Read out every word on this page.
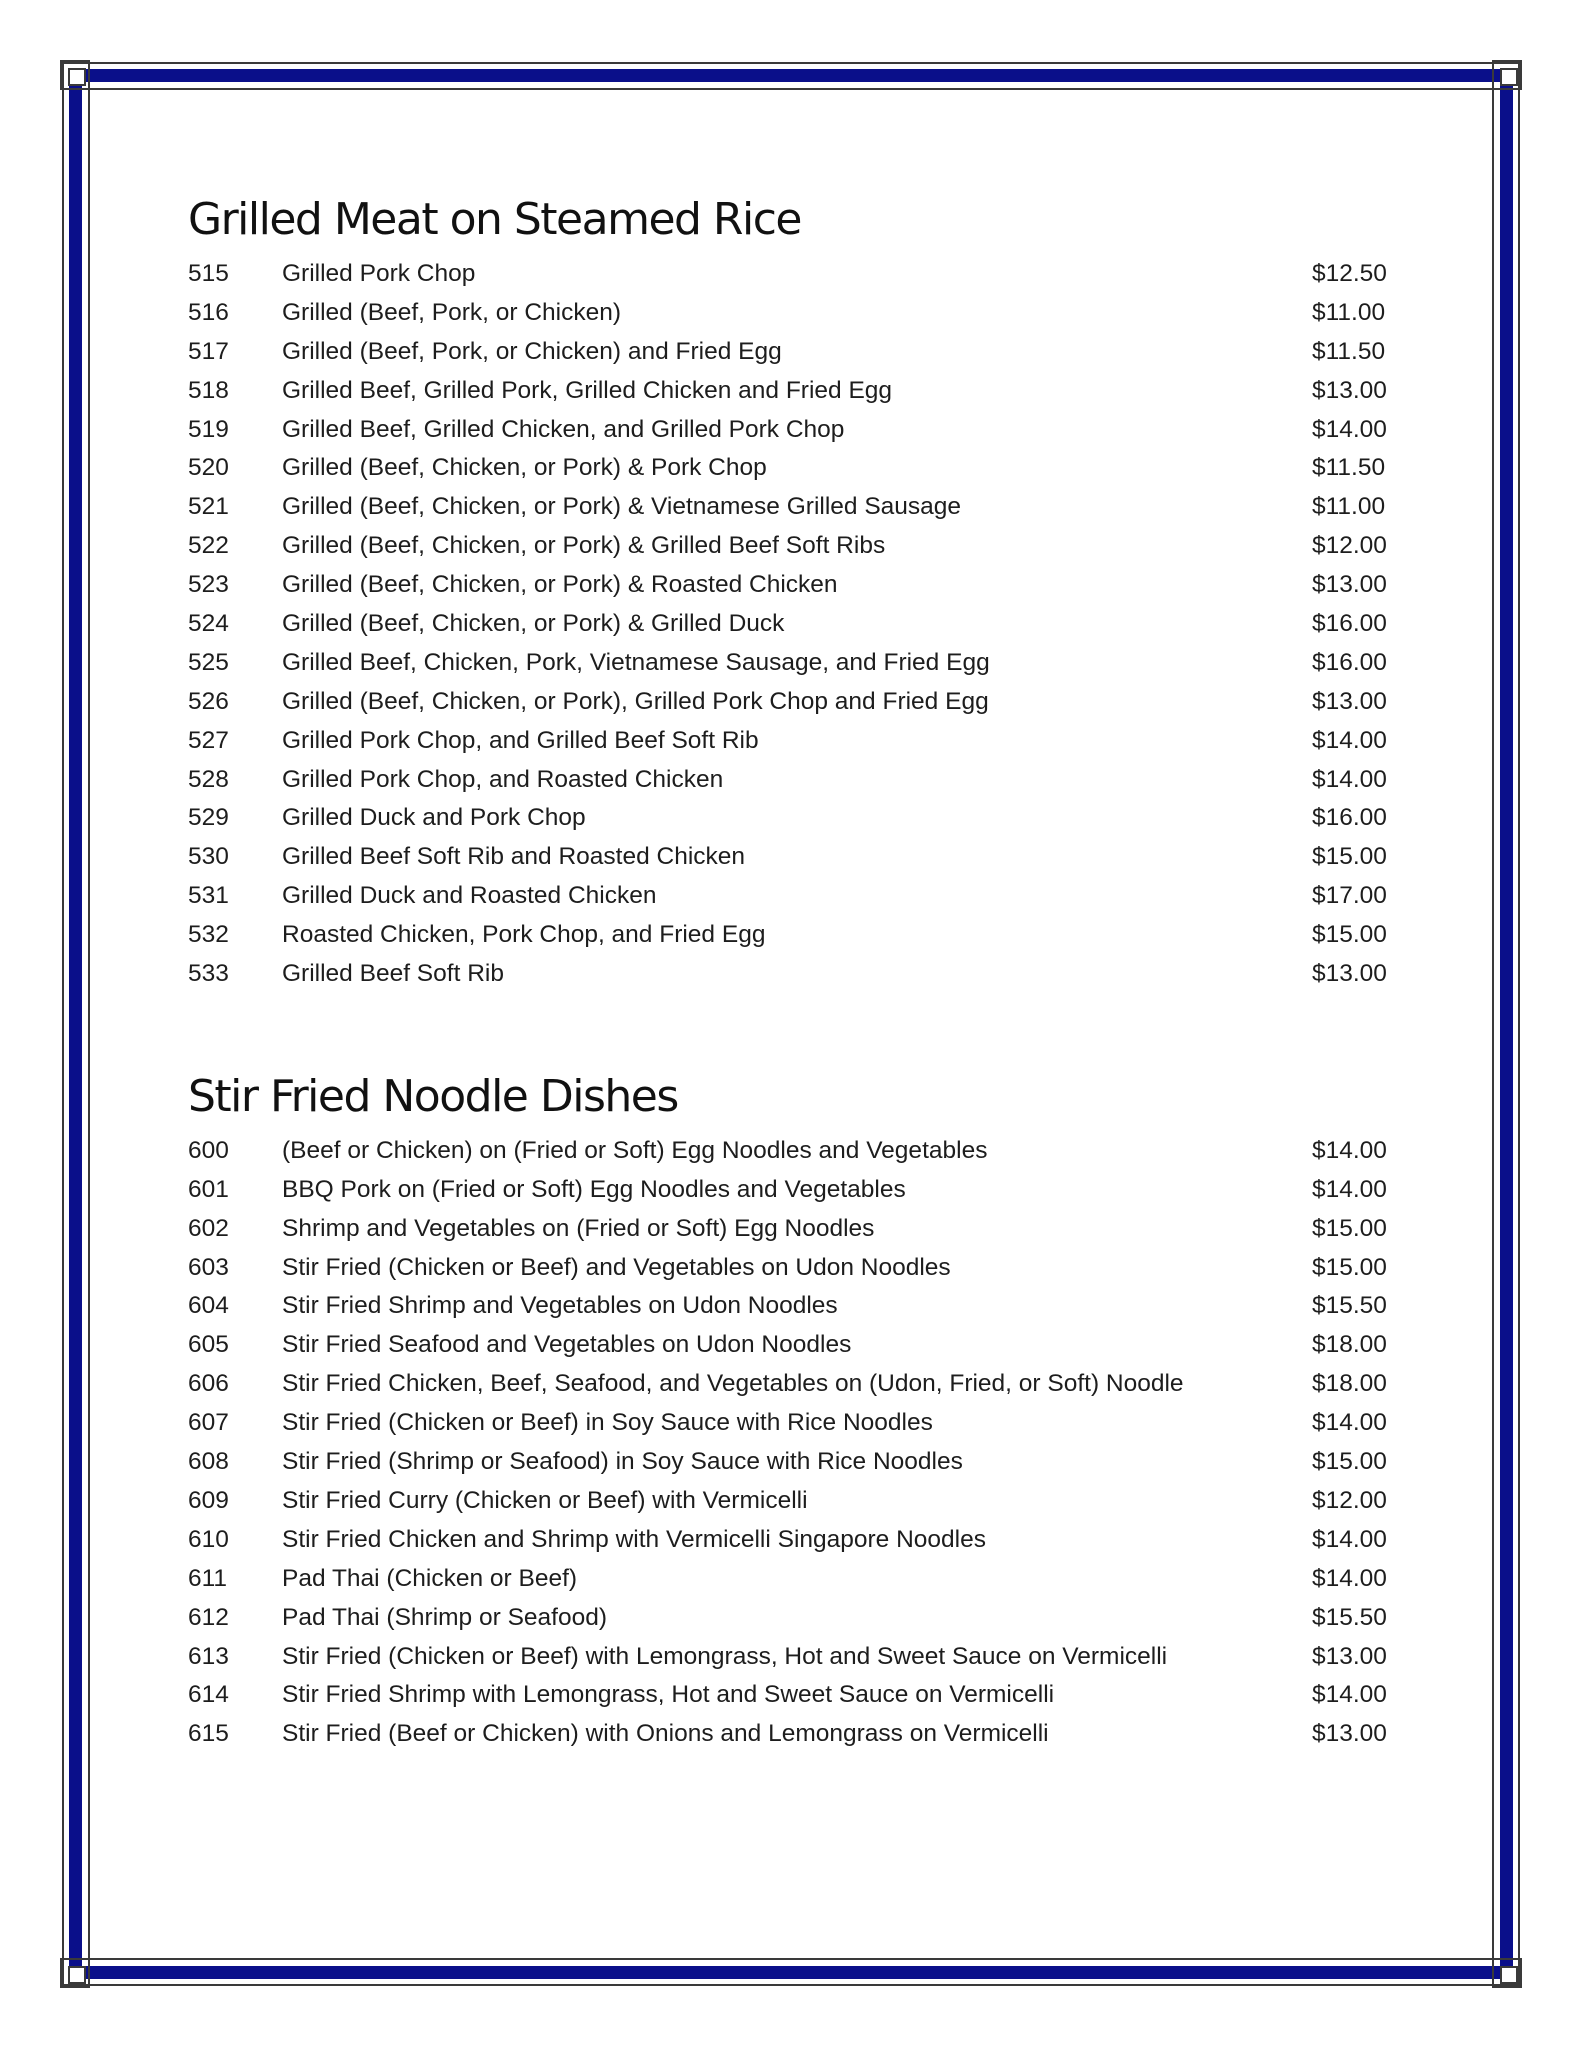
Grilled Meat on Steamed Rice
515	Grilled Pork Chop	$12.50
516	Grilled (Beef, Pork, or Chicken)	$11.00
517	Grilled (Beef, Pork, or Chicken) and Fried Egg	$11.50
518	Grilled Beef, Grilled Pork, Grilled Chicken and Fried Egg	$13.00
519	Grilled Beef, Grilled Chicken, and Grilled Pork Chop	$14.00
520	Grilled (Beef, Chicken, or Pork) & Pork Chop	$11.50
521	Grilled (Beef, Chicken, or Pork) & Vietnamese Grilled Sausage	$11.00
522	Grilled (Beef, Chicken, or Pork) & Grilled Beef Soft Ribs	$12.00
523	Grilled (Beef, Chicken, or Pork) & Roasted Chicken	$13.00
524	Grilled (Beef, Chicken, or Pork) & Grilled Duck	$16.00
525	Grilled Beef, Chicken, Pork, Vietnamese Sausage, and Fried Egg	$16.00
526	Grilled (Beef, Chicken, or Pork), Grilled Pork Chop and Fried Egg	$13.00
527	Grilled Pork Chop, and Grilled Beef Soft Rib	$14.00
528	Grilled Pork Chop, and Roasted Chicken	$14.00
529	Grilled Duck and Pork Chop	$16.00
530	Grilled Beef Soft Rib and Roasted Chicken	$15.00
531	Grilled Duck and Roasted Chicken	$17.00
532	Roasted Chicken, Pork Chop, and Fried Egg	$15.00
533	Grilled Beef Soft Rib	$13.00
Stir Fried Noodle Dishes
600	(Beef or Chicken) on (Fried or Soft) Egg Noodles and Vegetables	$14.00
601	BBQ Pork on (Fried or Soft) Egg Noodles and Vegetables	$14.00
602	Shrimp and Vegetables on (Fried or Soft) Egg Noodles	$15.00
603	Stir Fried (Chicken or Beef) and Vegetables on Udon Noodles	$15.00
604	Stir Fried Shrimp and Vegetables on Udon Noodles	$15.50
605	Stir Fried Seafood and Vegetables on Udon Noodles	$18.00
606	Stir Fried Chicken, Beef, Seafood, and Vegetables on (Udon, Fried, or Soft) Noodle	$18.00
607	Stir Fried (Chicken or Beef) in Soy Sauce with Rice Noodles	$14.00
608	Stir Fried (Shrimp or Seafood) in Soy Sauce with Rice Noodles	$15.00
609	Stir Fried Curry (Chicken or Beef) with Vermicelli	$12.00
610	Stir Fried Chicken and Shrimp with Vermicelli Singapore Noodles	$14.00
611	Pad Thai (Chicken or Beef)	$14.00
612	Pad Thai (Shrimp or Seafood)	$15.50
613	Stir Fried (Chicken or Beef) with Lemongrass, Hot and Sweet Sauce on Vermicelli	$13.00
614	Stir Fried Shrimp with Lemongrass, Hot and Sweet Sauce on Vermicelli	$14.00
615	Stir Fried (Beef or Chicken) with Onions and Lemongrass on Vermicelli	$13.00
